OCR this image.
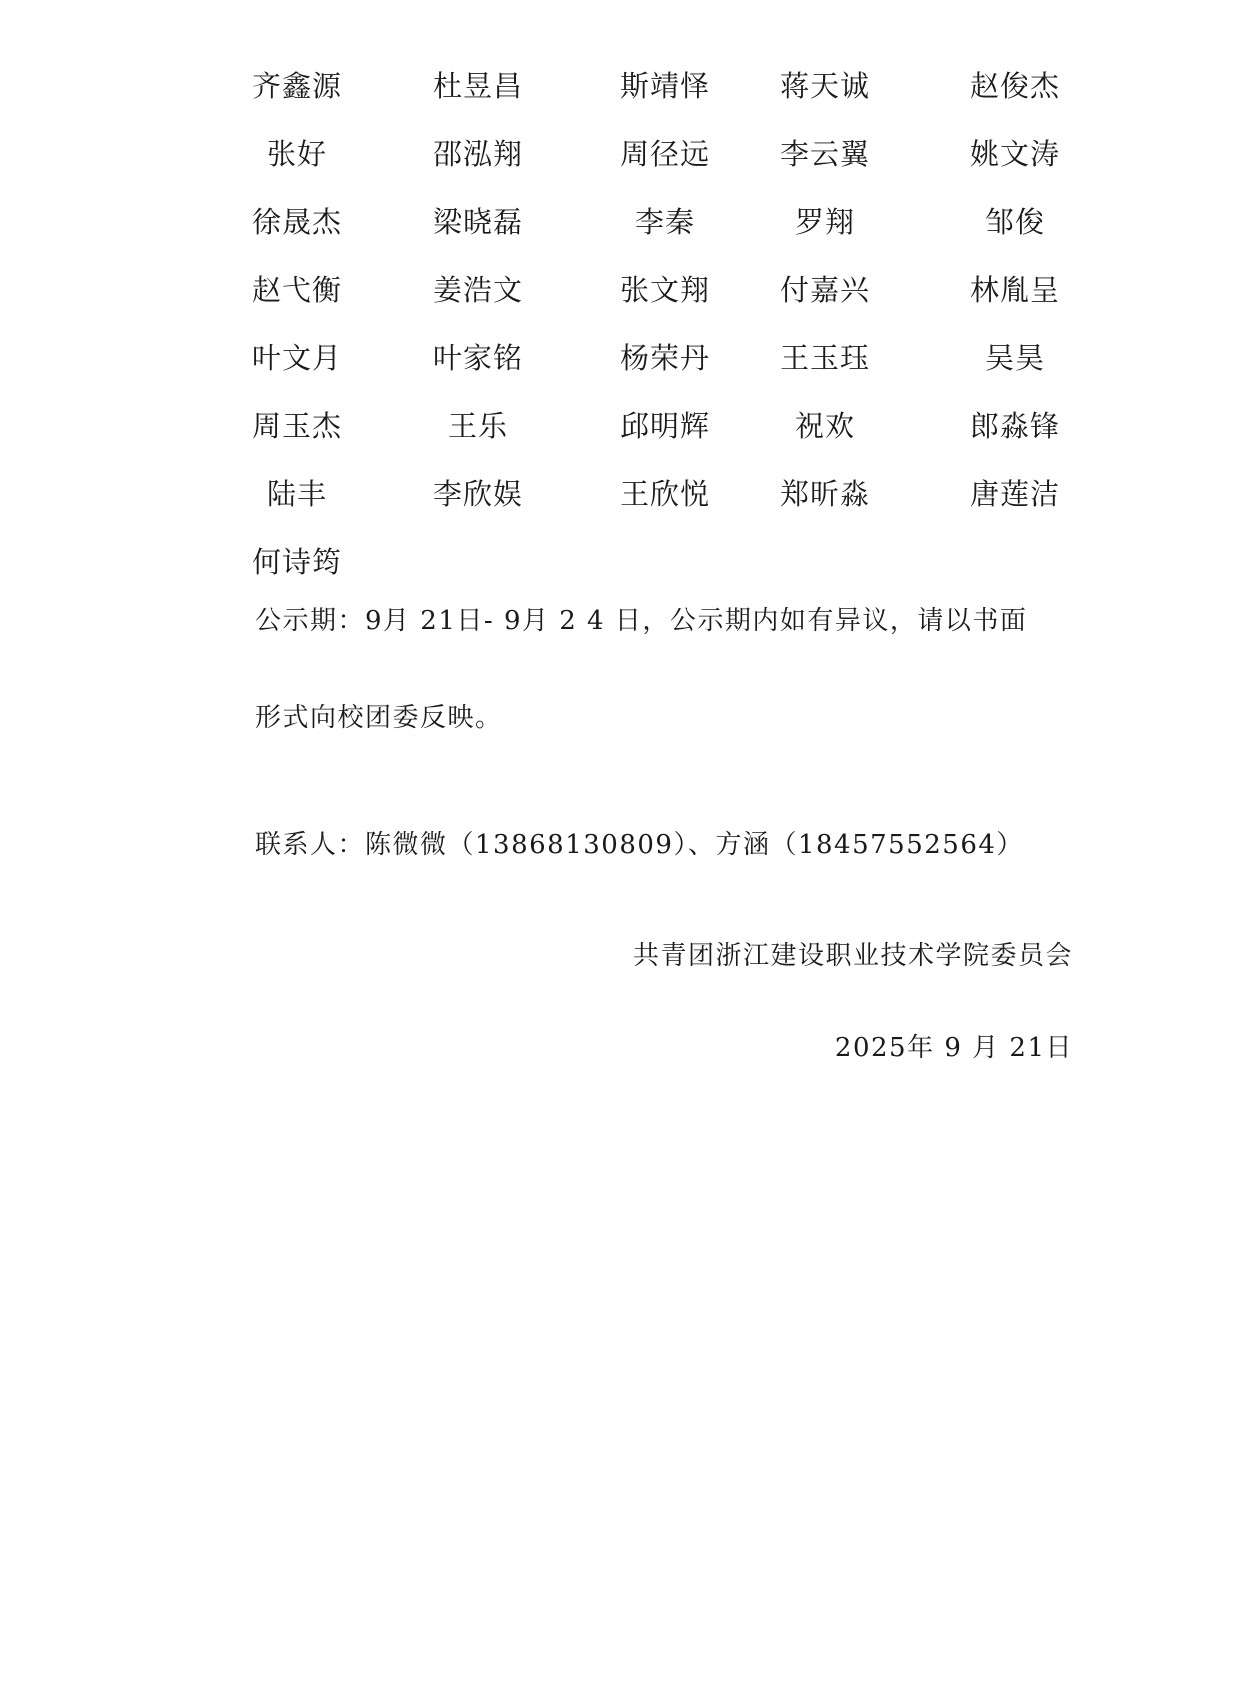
齐鑫源	杜昱昌	斯靖怿	蒋天诚	赵俊杰
张好	邵泓翔	周径远	李云翼	姚文涛
徐晟杰	梁晓磊	李秦	罗翔	邹俊
赵弋衡	姜浩文	张文翔	付嘉兴	林胤呈
叶文月	叶家铭	杨荣丹	王玉珏	吴昊
周玉杰	王乐	邱明辉	祝欢	郎淼锋
陆丰	李欣娱	王欣悦	郑昕淼	唐莲洁
何诗筠
公示期：9月 21日- 9月 2 4 日，公示期内如有异议，请以书面
形式向校团委反映。
联系人：陈微微（13868130809）、方涵（18457552564）
共青团浙江建设职业技术学院委员会
2025年 9 月 21日
